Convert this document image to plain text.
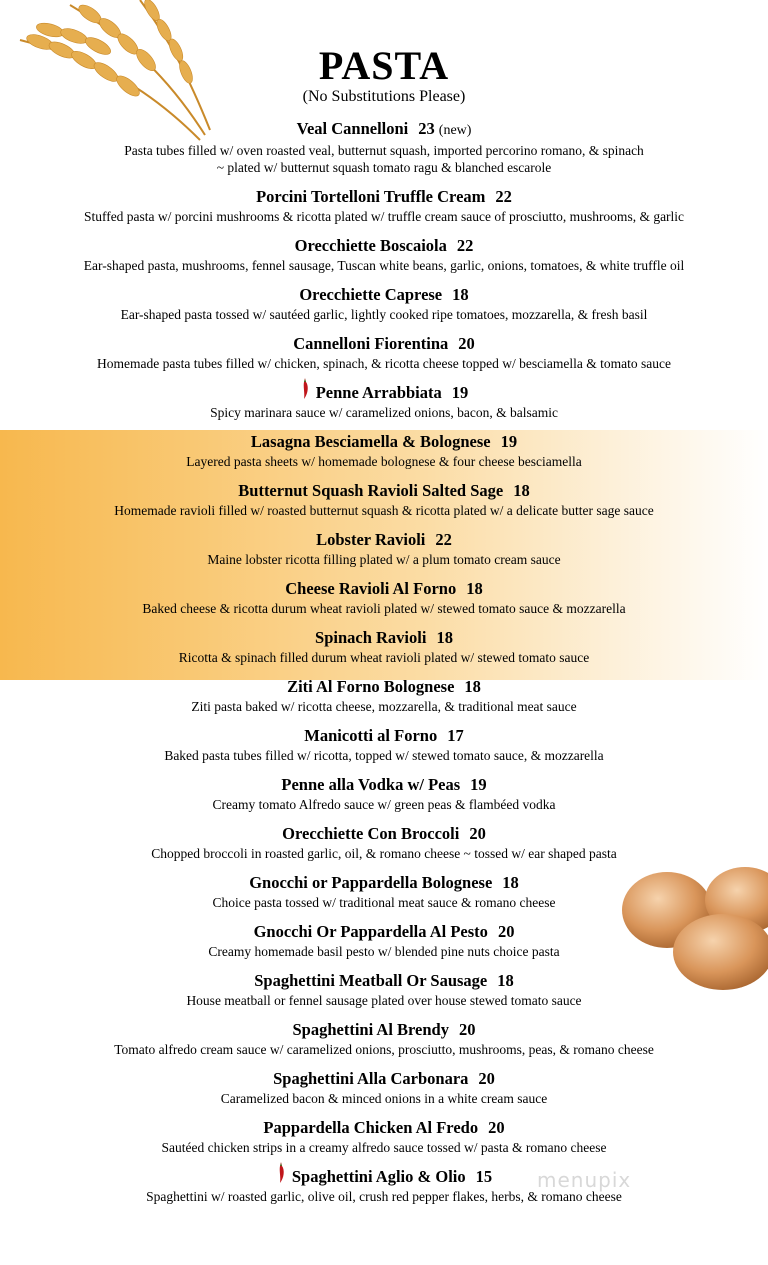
PASTA
(No Substitutions Please)
Veal Cannelloni 23 (new)
Pasta tubes filled w/ oven roasted veal, butternut squash, imported percorino romano, & spinach
~ plated w/ butternut squash tomato ragu & blanched escarole
Porcini Tortelloni Truffle Cream 22
Stuffed pasta w/ porcini mushrooms & ricotta plated w/ truffle cream sauce of prosciutto, mushrooms, & garlic
Orecchiette Boscaiola 22
Ear-shaped pasta, mushrooms, fennel sausage, Tuscan white beans, garlic, onions, tomatoes, & white truffle oil
Orecchiette Caprese 18
Ear-shaped pasta tossed w/ sautéed garlic, lightly cooked ripe tomatoes, mozzarella, & fresh basil
Cannelloni Fiorentina 20
Homemade pasta tubes filled w/ chicken, spinach, & ricotta cheese topped w/ besciamella & tomato sauce
Penne Arrabbiata 19
Spicy marinara sauce w/ caramelized onions, bacon, & balsamic
Lasagna Besciamella & Bolognese 19
Layered pasta sheets w/ homemade bolognese & four cheese besciamella
Butternut Squash Ravioli Salted Sage 18
Homemade ravioli filled w/ roasted butternut squash & ricotta plated w/ a delicate butter sage sauce
Lobster Ravioli 22
Maine lobster ricotta filling plated w/ a plum tomato cream sauce
Cheese Ravioli Al Forno 18
Baked cheese & ricotta durum wheat ravioli plated w/ stewed tomato sauce & mozzarella
Spinach Ravioli 18
Ricotta & spinach filled durum wheat ravioli plated w/ stewed tomato sauce
Ziti Al Forno Bolognese 18
Ziti pasta baked w/ ricotta cheese, mozzarella, & traditional meat sauce
Manicotti al Forno 17
Baked pasta tubes filled w/ ricotta, topped w/ stewed tomato sauce, & mozzarella
Penne alla Vodka w/ Peas 19
Creamy tomato Alfredo sauce w/ green peas & flambéed vodka
Orecchiette Con Broccoli 20
Chopped broccoli in roasted garlic, oil, & romano cheese ~ tossed w/ ear shaped pasta
Gnocchi or Pappardella Bolognese 18
Choice pasta tossed w/ traditional meat sauce & romano cheese
Gnocchi Or Pappardella Al Pesto 20
Creamy homemade basil pesto w/ blended pine nuts choice pasta
Spaghettini Meatball Or Sausage 18
House meatball or fennel sausage plated over house stewed tomato sauce
Spaghettini Al Brendy 20
Tomato alfredo cream sauce w/ caramelized onions, prosciutto, mushrooms, peas, & romano cheese
Spaghettini Alla Carbonara 20
Caramelized bacon & minced onions in a white cream sauce
Pappardella Chicken Al Fredo 20
Sautéed chicken strips in a creamy alfredo sauce tossed w/ pasta & romano cheese
Spaghettini Aglio & Olio 15
Spaghettini w/ roasted garlic, olive oil, crush red pepper flakes, herbs, & romano cheese
menupix
